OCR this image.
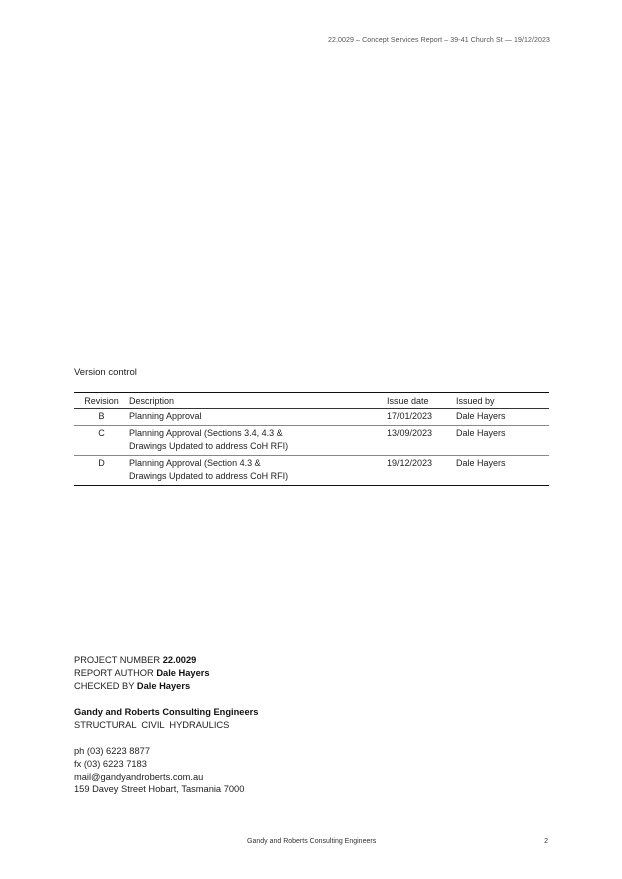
22.0029 – Concept Services Report – 39-41 Church St — 19/12/2023
Version control
Revision	Description	Issue date	Issued by
B	Planning Approval	17/01/2023	Dale Hayers
C	Planning Approval (Sections 3.4, 4.3 &
Drawings Updated to address CoH RFI)	13/09/2023	Dale Hayers
D	Planning Approval (Section 4.3 &
Drawings Updated to address CoH RFI)	19/12/2023	Dale Hayers
PROJECT NUMBER 22.0029
REPORT AUTHOR Dale Hayers
CHECKED BY Dale Hayers
Gandy and Roberts Consulting Engineers
STRUCTURAL  CIVIL  HYDRAULICS
ph (03) 6223 8877
fx (03) 6223 7183
mail@gandyandroberts.com.au
159 Davey Street Hobart, Tasmania 7000
Gandy and Roberts Consulting Engineers	2
